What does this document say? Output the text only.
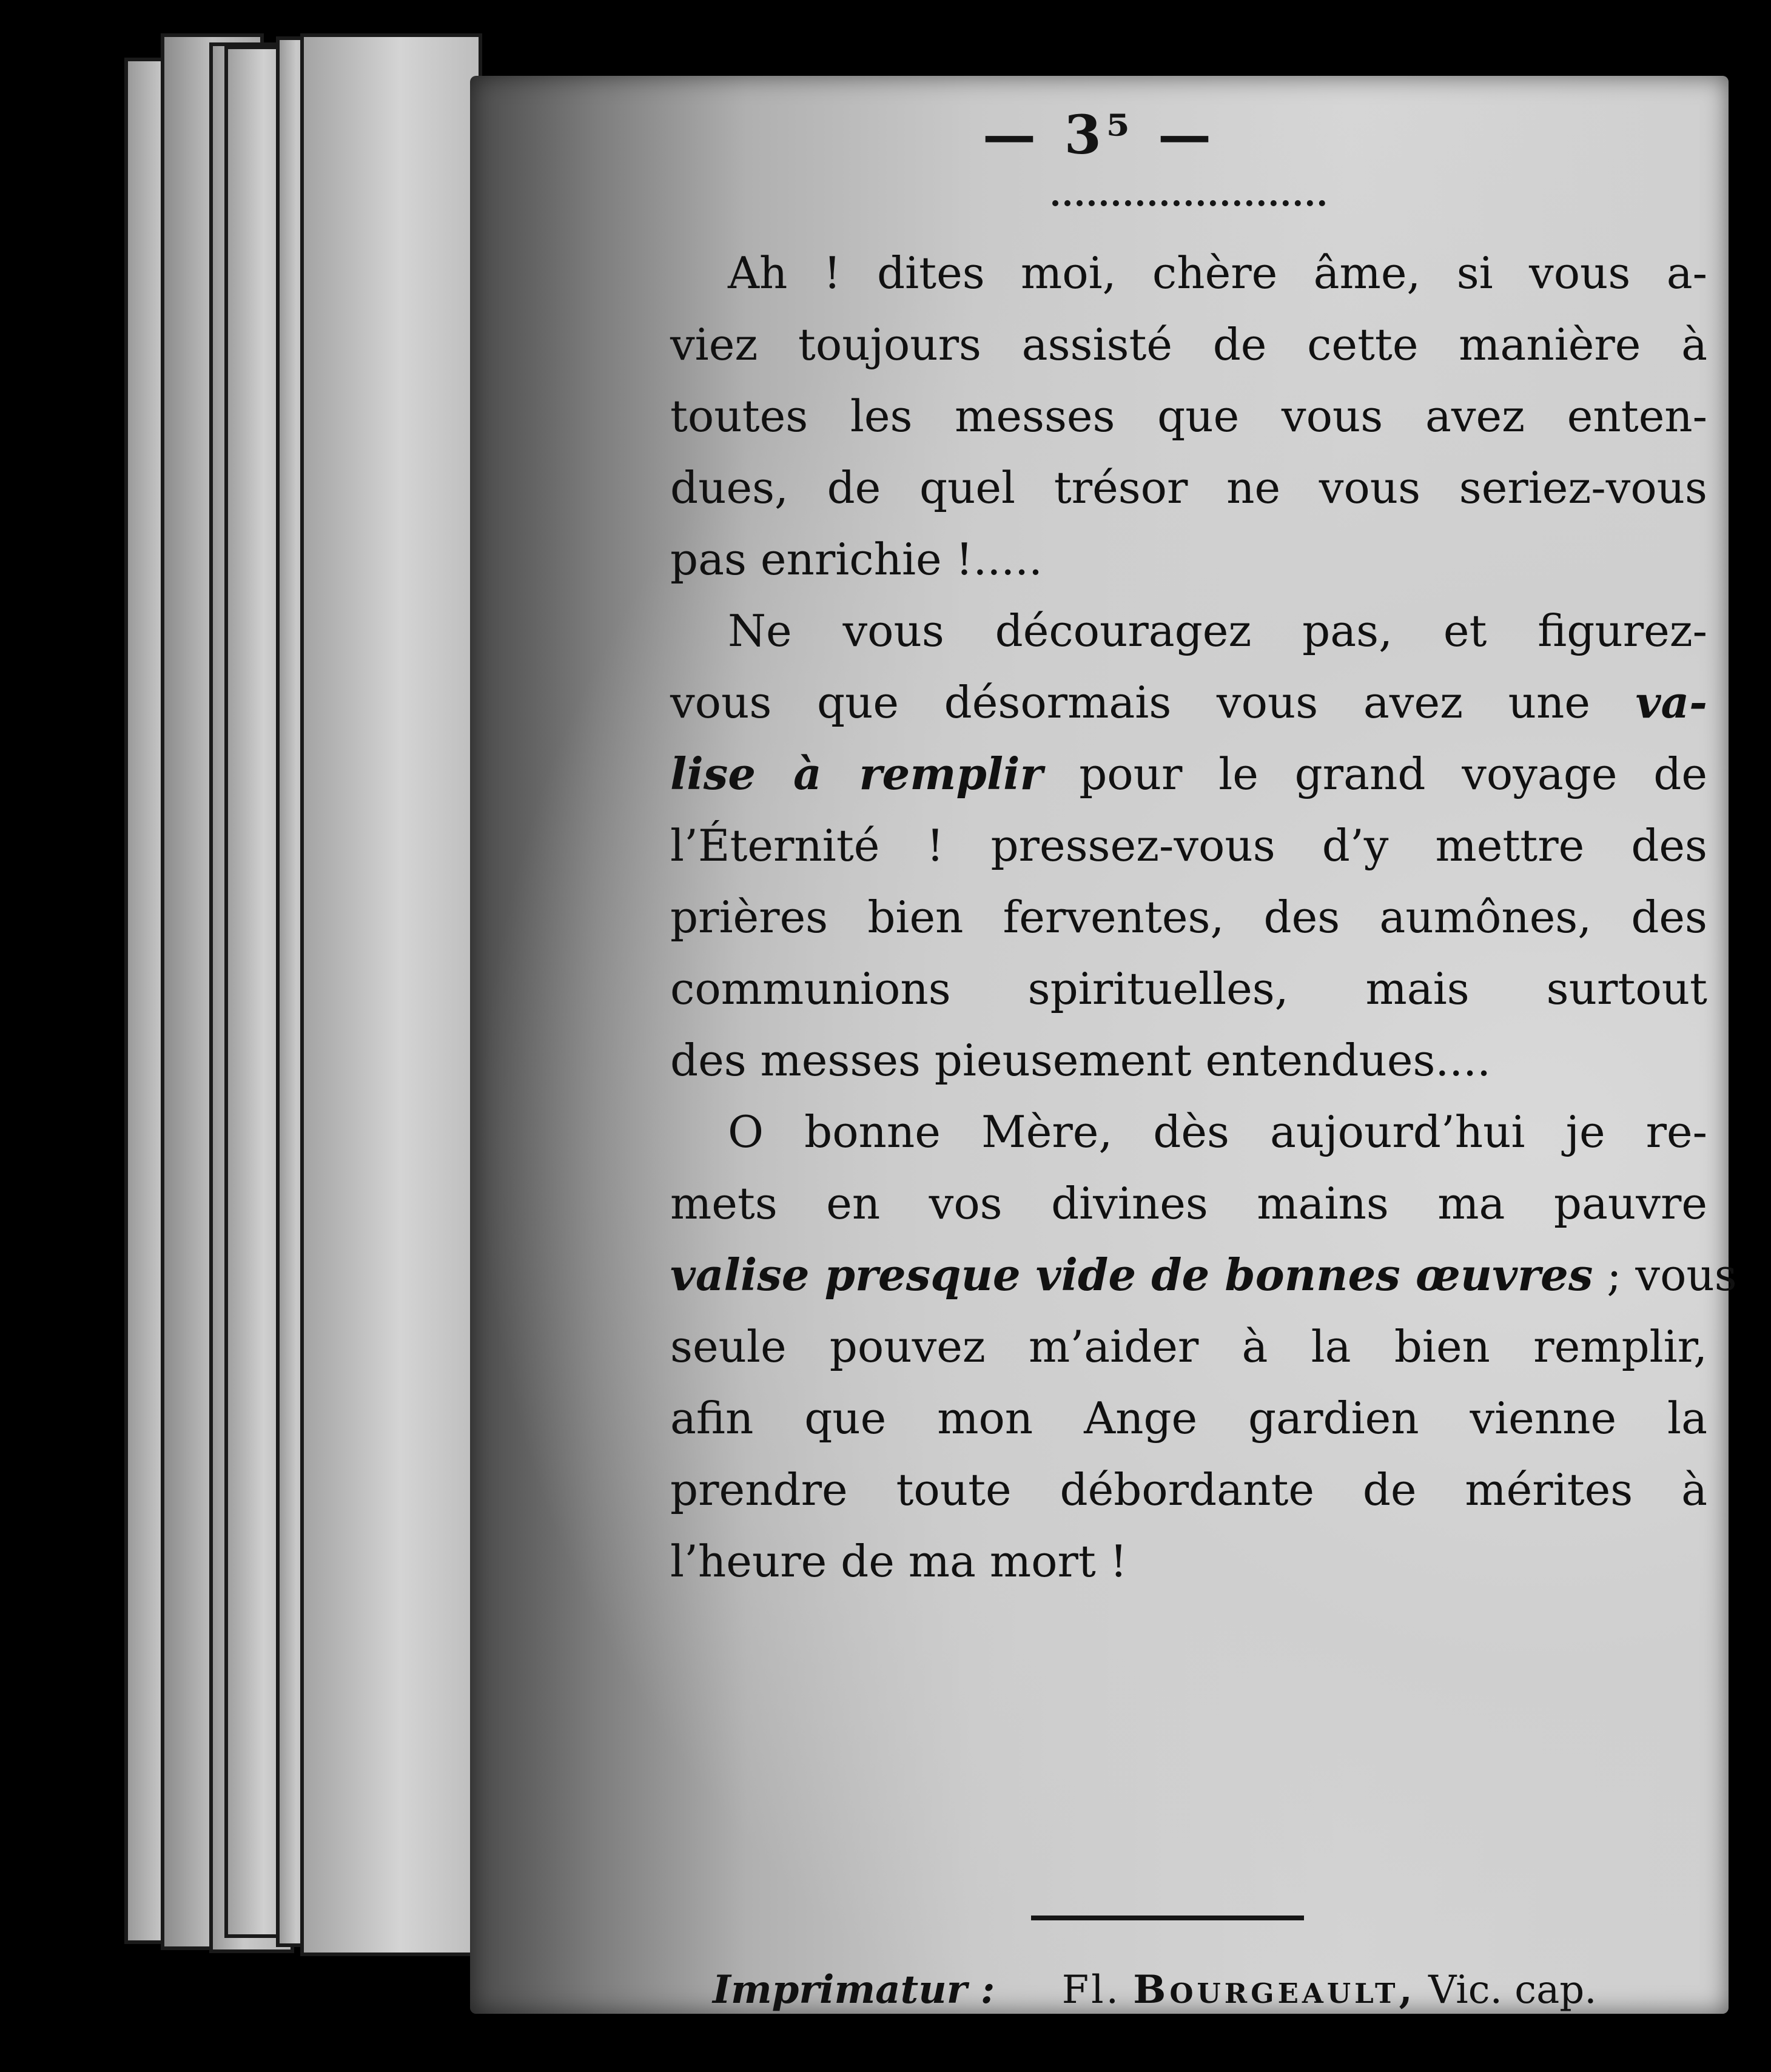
— 3⁵ —
Ah ! dites moi, chère âme, si vous a-
viez toujours assisté de cette manière à
toutes les messes que vous avez enten-
dues, de quel trésor ne vous seriez-vous
pas enrichie !.....
Ne vous découragez pas, et figurez-
vous que désormais vous avez une va-
lise à remplir pour le grand voyage de
l’Éternité ! pressez-vous d’y mettre des
prières bien ferventes, des aumônes, des
communions spirituelles, mais surtout
des messes pieusement entendues....
O bonne Mère, dès aujourd’hui je re-
mets en vos divines mains ma pauvre
valise presque vide de bonnes œuvres ; vous
seule pouvez m’aider à la bien remplir,
afin que mon Ange gardien vienne la
prendre toute débordante de mérites à
l’heure de ma mort !
Imprimatur : Fl. Bourgeault, Vic. cap.
